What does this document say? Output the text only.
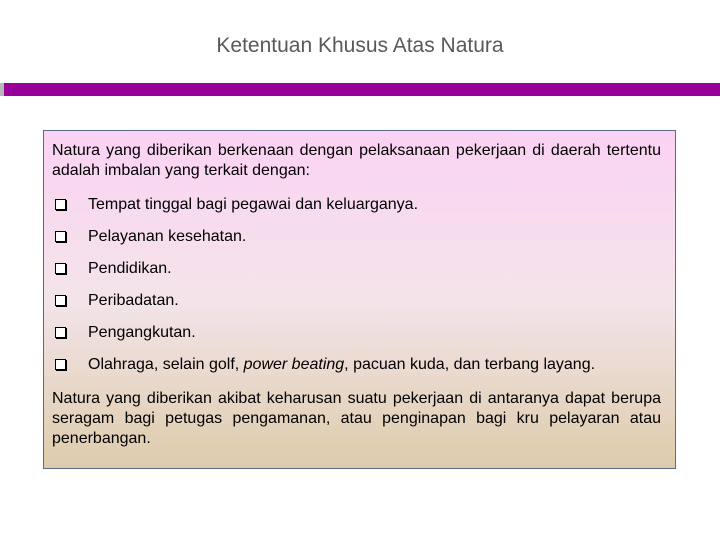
Ketentuan Khusus Atas Natura

Natura yang diberikan berkenaan dengan pelaksanaan pekerjaan di daerah tertentu adalah imbalan yang terkait dengan:

Tempat tinggal bagi pegawai dan keluarganya.
Pelayanan kesehatan.
Pendidikan.
Peribadatan.
Pengangkutan.
Olahraga, selain golf, power beating, pacuan kuda, dan terbang layang.

Natura yang diberikan akibat keharusan suatu pekerjaan di antaranya dapat berupa seragam bagi petugas pengamanan, atau penginapan bagi kru pelayaran atau penerbangan.
